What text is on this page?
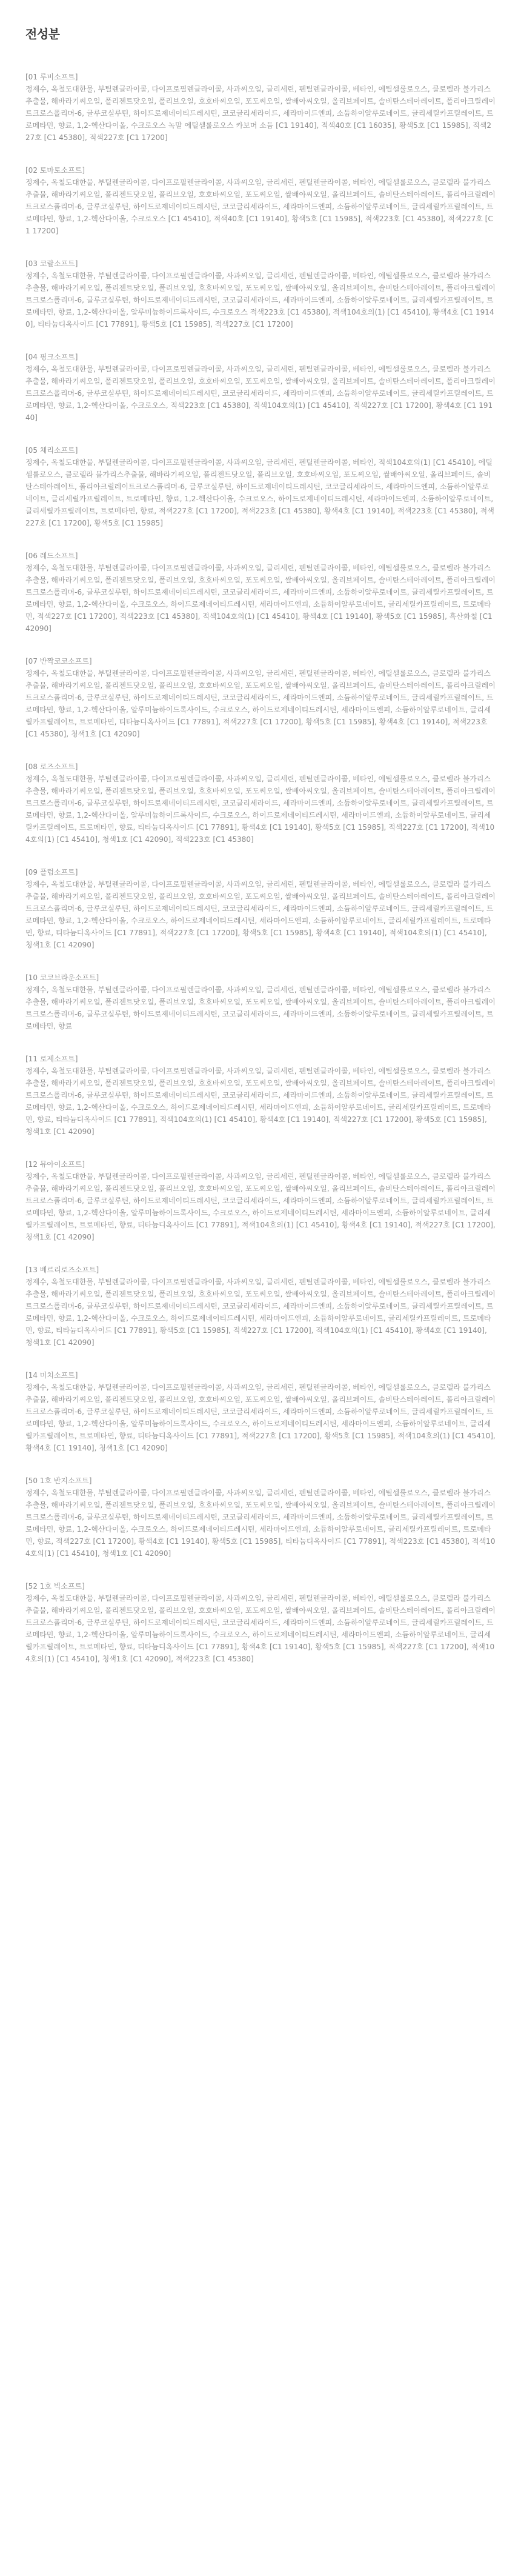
전성분

[01 루비소프트]

정제수, 옥철도대한물, 부틸렌글라이콜, 다이프로필렌글라이콜, 사과씨오일, 글리세린, 펜틸렌글라이콜, 베타인, 에틸셀룰로오스, 클로렐라 불가리스추출물, 해바라기씨오일, 폴리젠트닷오일, 폴리브오일, 호호바씨오일, 포도씨오일, 쌀배아씨오일, 올리브페이트, 솔비탄스테아레이트, 폴리아크릴레이트크로스폴리머-6, 글루코실루틴, 하이드로제네이티드레시틴, 코코글리세라이드, 세라마이드엔피, 소듐하이알루로네이트, 글리세릴카프릴레이트, 트로메타민, 향료, 1,2-헥산다이올, 수크로오스 녹말 에틸셀룰로오스 카보머 소듐 [C1 19140], 적색40호 [C1 16035], 황색5호 [C1 15985], 적색227호 [C1 45380], 적색227호 [C1 17200]

[02 토마토소프트]

정제수, 옥철도대한물, 부틸렌글라이콜, 다이프로필렌글라이콜, 사과씨오일, 글리세린, 펜틸렌글라이콜, 베타인, 에틸셀룰로오스, 클로렐라 불가리스추출물, 해바라기씨오일, 폴리젠트닷오일, 폴리브오일, 호호바씨오일, 포도씨오일, 쌀배아씨오일, 올리브페이트, 솔비탄스테아레이트, 폴리아크릴레이트크로스폴리머-6, 글루코실루틴, 하이드로제네이티드레시틴, 코코글리세라이드, 세라마이드엔피, 소듐하이알루로네이트, 글리세릴카프릴레이트, 트로메타민, 향료, 1,2-헥산다이올, 수크로오스 [C1 45410], 적색40호 [C1 19140], 황색5호 [C1 15985], 적색223호 [C1 45380], 적색227호 [C1 17200]

[03 코랄소프트]

정제수, 옥철도대한물, 부틸렌글라이콜, 다이프로필렌글라이콜, 사과씨오일, 글리세린, 펜틸렌글라이콜, 베타인, 에틸셀룰로오스, 클로렐라 불가리스추출물, 해바라기씨오일, 폴리젠트닷오일, 폴리브오일, 호호바씨오일, 포도씨오일, 쌀배아씨오일, 올리브페이트, 솔비탄스테아레이트, 폴리아크릴레이트크로스폴리머-6, 글루코실루틴, 하이드로제네이티드레시틴, 코코글리세라이드, 세라마이드엔피, 소듐하이알루로네이트, 글리세릴카프릴레이트, 트로메타민, 향료, 1,2-헥산다이올, 알루미늄하이드록사이드, 수크로오스 적색223호 [C1 45380], 적색104호의(1) [C1 45410], 황색4호 [C1 19140], 티타늄디옥사이드 [C1 77891], 황색5호 [C1 15985], 적색227호 [C1 17200]

[04 핑크소프트]

정제수, 옥철도대한물, 부틸렌글라이콜, 다이프로필렌글라이콜, 사과씨오일, 글리세린, 펜틸렌글라이콜, 베타인, 에틸셀룰로오스, 클로렐라 불가리스추출물, 해바라기씨오일, 폴리젠트닷오일, 폴리브오일, 호호바씨오일, 포도씨오일, 쌀배아씨오일, 올리브페이트, 솔비탄스테아레이트, 폴리아크릴레이트크로스폴리머-6, 글루코실루틴, 하이드로제네이티드레시틴, 코코글리세라이드, 세라마이드엔피, 소듐하이알루로네이트, 글리세릴카프릴레이트, 트로메타민, 향료, 1,2-헥산다이올, 수크로오스, 적색223호 [C1 45380], 적색104호의(1) [C1 45410], 적색227호 [C1 17200], 황색4호 [C1 19140]

[05 체리소프트]

정제수, 옥철도대한물, 부틸렌글라이콜, 다이프로필렌글라이콜, 사과씨오일, 글리세린, 펜틸렌글라이콜, 베타인, 적색104호의(1) [C1 45410], 에틸셀룰로오스, 클로렐라 불가리스추출물, 해바라기씨오일, 폴리젠트닷오일, 폴리브오일, 호호바씨오일, 포도씨오일, 쌀배아씨오일, 올리브페이트, 솔비탄스테아레이트, 폴리아크릴레이트크로스폴리머-6, 글루코실루틴, 하이드로제네이티드레시틴, 코코글리세라이드, 세라마이드엔피, 소듐하이알루로네이트, 글리세릴카프릴레이트, 트로메타민, 향료, 1,2-헥산다이올, 수크로오스, 하이드로제네이티드레시틴, 세라마이드엔피, 소듐하이알루로네이트, 글리세릴카프릴레이트, 트로메타민, 향료, 적색227호 [C1 17200], 적색223호 [C1 45380], 황색4호 [C1 19140], 적색223호 [C1 45380], 적색227호 [C1 17200], 황색5호 [C1 15985]

[06 레드소프트]

정제수, 옥철도대한물, 부틸렌글라이콜, 다이프로필렌글라이콜, 사과씨오일, 글리세린, 펜틸렌글라이콜, 베타인, 에틸셀룰로오스, 클로렐라 불가리스추출물, 해바라기씨오일, 폴리젠트닷오일, 폴리브오일, 호호바씨오일, 포도씨오일, 쌀배아씨오일, 올리브페이트, 솔비탄스테아레이트, 폴리아크릴레이트크로스폴리머-6, 글루코실루틴, 하이드로제네이티드레시틴, 코코글리세라이드, 세라마이드엔피, 소듐하이알루로네이트, 글리세릴카프릴레이트, 트로메타민, 향료, 1,2-헥산다이올, 수크로오스, 하이드로제네이티드레시틴, 세라마이드엔피, 소듐하이알루로네이트, 글리세릴카프릴레이트, 트로메타민, 적색227호 [C1 17200], 적색223호 [C1 45380], 적색104호의(1) [C1 45410], 황색4호 [C1 19140], 황색5호 [C1 15985], 흑산화철 [C1 42090]

[07 반짝코코소프트]

정제수, 옥철도대한물, 부틸렌글라이콜, 다이프로필렌글라이콜, 사과씨오일, 글리세린, 펜틸렌글라이콜, 베타인, 에틸셀룰로오스, 클로렐라 불가리스추출물, 해바라기씨오일, 폴리젠트닷오일, 폴리브오일, 호호바씨오일, 포도씨오일, 쌀배아씨오일, 올리브페이트, 솔비탄스테아레이트, 폴리아크릴레이트크로스폴리머-6, 글루코실루틴, 하이드로제네이티드레시틴, 코코글리세라이드, 세라마이드엔피, 소듐하이알루로네이트, 글리세릴카프릴레이트, 트로메타민, 향료, 1,2-헥산다이올, 알루미늄하이드록사이드, 수크로오스, 하이드로제네이티드레시틴, 세라마이드엔피, 소듐하이알루로네이트, 글리세릴카프릴레이트, 트로메타민, 티타늄디옥사이드 [C1 77891], 적색227호 [C1 17200], 황색5호 [C1 15985], 황색4호 [C1 19140], 적색223호 [C1 45380], 청색1호 [C1 42090]

[08 로즈소프트]

정제수, 옥철도대한물, 부틸렌글라이콜, 다이프로필렌글라이콜, 사과씨오일, 글리세린, 펜틸렌글라이콜, 베타인, 에틸셀룰로오스, 클로렐라 불가리스추출물, 해바라기씨오일, 폴리젠트닷오일, 폴리브오일, 호호바씨오일, 포도씨오일, 쌀배아씨오일, 올리브페이트, 솔비탄스테아레이트, 폴리아크릴레이트크로스폴리머-6, 글루코실루틴, 하이드로제네이티드레시틴, 코코글리세라이드, 세라마이드엔피, 소듐하이알루로네이트, 글리세릴카프릴레이트, 트로메타민, 향료, 1,2-헥산다이올, 알루미늄하이드록사이드, 수크로오스, 하이드로제네이티드레시틴, 세라마이드엔피, 소듐하이알루로네이트, 글리세릴카프릴레이트, 트로메타민, 향료, 티타늄디옥사이드 [C1 77891], 황색4호 [C1 19140], 황색5호 [C1 15985], 적색227호 [C1 17200], 적색104호의(1) [C1 45410], 청색1호 [C1 42090], 적색223호 [C1 45380]

[09 플럼소프트]

정제수, 옥철도대한물, 부틸렌글라이콜, 다이프로필렌글라이콜, 사과씨오일, 글리세린, 펜틸렌글라이콜, 베타인, 에틸셀룰로오스, 클로렐라 불가리스추출물, 해바라기씨오일, 폴리젠트닷오일, 폴리브오일, 호호바씨오일, 포도씨오일, 쌀배아씨오일, 올리브페이트, 솔비탄스테아레이트, 폴리아크릴레이트크로스폴리머-6, 글루코실루틴, 하이드로제네이티드레시틴, 코코글리세라이드, 세라마이드엔피, 소듐하이알루로네이트, 글리세릴카프릴레이트, 트로메타민, 향료, 1,2-헥산다이올, 수크로오스, 하이드로제네이티드레시틴, 세라마이드엔피, 소듐하이알루로네이트, 글리세릴카프릴레이트, 트로메타민, 향료, 티타늄디옥사이드 [C1 77891], 적색227호 [C1 17200], 황색5호 [C1 15985], 황색4호 [C1 19140], 적색104호의(1) [C1 45410], 청색1호 [C1 42090]

[10 코코브라운소프트]

정제수, 옥철도대한물, 부틸렌글라이콜, 다이프로필렌글라이콜, 사과씨오일, 글리세린, 펜틸렌글라이콜, 베타인, 에틸셀룰로오스, 클로렐라 불가리스추출물, 해바라기씨오일, 폴리젠트닷오일, 폴리브오일, 호호바씨오일, 포도씨오일, 쌀배아씨오일, 올리브페이트, 솔비탄스테아레이트, 폴리아크릴레이트크로스폴리머-6, 글루코실루틴, 하이드로제네이티드레시틴, 코코글리세라이드, 세라마이드엔피, 소듐하이알루로네이트, 글리세릴카프릴레이트, 트로메타민, 향료

[11 로제소프트]

정제수, 옥철도대한물, 부틸렌글라이콜, 다이프로필렌글라이콜, 사과씨오일, 글리세린, 펜틸렌글라이콜, 베타인, 에틸셀룰로오스, 클로렐라 불가리스추출물, 해바라기씨오일, 폴리젠트닷오일, 폴리브오일, 호호바씨오일, 포도씨오일, 쌀배아씨오일, 올리브페이트, 솔비탄스테아레이트, 폴리아크릴레이트크로스폴리머-6, 글루코실루틴, 하이드로제네이티드레시틴, 코코글리세라이드, 세라마이드엔피, 소듐하이알루로네이트, 글리세릴카프릴레이트, 트로메타민, 향료, 1,2-헥산다이올, 수크로오스, 하이드로제네이티드레시틴, 세라마이드엔피, 소듐하이알루로네이트, 글리세릴카프릴레이트, 트로메타민, 향료, 티타늄디옥사이드 [C1 77891], 적색104호의(1) [C1 45410], 황색4호 [C1 19140], 적색227호 [C1 17200], 황색5호 [C1 15985], 청색1호 [C1 42090]

[12 뮤아이소프트]

정제수, 옥철도대한물, 부틸렌글라이콜, 다이프로필렌글라이콜, 사과씨오일, 글리세린, 펜틸렌글라이콜, 베타인, 에틸셀룰로오스, 클로렐라 불가리스추출물, 해바라기씨오일, 폴리젠트닷오일, 폴리브오일, 호호바씨오일, 포도씨오일, 쌀배아씨오일, 올리브페이트, 솔비탄스테아레이트, 폴리아크릴레이트크로스폴리머-6, 글루코실루틴, 하이드로제네이티드레시틴, 코코글리세라이드, 세라마이드엔피, 소듐하이알루로네이트, 글리세릴카프릴레이트, 트로메타민, 향료, 1,2-헥산다이올, 알루미늄하이드록사이드, 수크로오스, 하이드로제네이티드레시틴, 세라마이드엔피, 소듐하이알루로네이트, 글리세릴카프릴레이트, 트로메타민, 향료, 티타늄디옥사이드 [C1 77891], 적색104호의(1) [C1 45410], 황색4호 [C1 19140], 적색227호 [C1 17200], 청색1호 [C1 42090]

[13 베르리로즈소프트]

정제수, 옥철도대한물, 부틸렌글라이콜, 다이프로필렌글라이콜, 사과씨오일, 글리세린, 펜틸렌글라이콜, 베타인, 에틸셀룰로오스, 클로렐라 불가리스추출물, 해바라기씨오일, 폴리젠트닷오일, 폴리브오일, 호호바씨오일, 포도씨오일, 쌀배아씨오일, 올리브페이트, 솔비탄스테아레이트, 폴리아크릴레이트크로스폴리머-6, 글루코실루틴, 하이드로제네이티드레시틴, 코코글리세라이드, 세라마이드엔피, 소듐하이알루로네이트, 글리세릴카프릴레이트, 트로메타민, 향료, 1,2-헥산다이올, 수크로오스, 하이드로제네이티드레시틴, 세라마이드엔피, 소듐하이알루로네이트, 글리세릴카프릴레이트, 트로메타민, 향료, 티타늄디옥사이드 [C1 77891], 황색5호 [C1 15985], 적색227호 [C1 17200], 적색104호의(1) [C1 45410], 황색4호 [C1 19140], 청색1호 [C1 42090]

[14 미치소프트]

정제수, 옥철도대한물, 부틸렌글라이콜, 다이프로필렌글라이콜, 사과씨오일, 글리세린, 펜틸렌글라이콜, 베타인, 에틸셀룰로오스, 클로렐라 불가리스추출물, 해바라기씨오일, 폴리젠트닷오일, 폴리브오일, 호호바씨오일, 포도씨오일, 쌀배아씨오일, 올리브페이트, 솔비탄스테아레이트, 폴리아크릴레이트크로스폴리머-6, 글루코실루틴, 하이드로제네이티드레시틴, 코코글리세라이드, 세라마이드엔피, 소듐하이알루로네이트, 글리세릴카프릴레이트, 트로메타민, 향료, 1,2-헥산다이올, 알루미늄하이드록사이드, 수크로오스, 하이드로제네이티드레시틴, 세라마이드엔피, 소듐하이알루로네이트, 글리세릴카프릴레이트, 트로메타민, 향료, 티타늄디옥사이드 [C1 77891], 적색227호 [C1 17200], 황색5호 [C1 15985], 적색104호의(1) [C1 45410], 황색4호 [C1 19140], 청색1호 [C1 42090]

[50 1호 반지소프트]

정제수, 옥철도대한물, 부틸렌글라이콜, 다이프로필렌글라이콜, 사과씨오일, 글리세린, 펜틸렌글라이콜, 베타인, 에틸셀룰로오스, 클로렐라 불가리스추출물, 해바라기씨오일, 폴리젠트닷오일, 폴리브오일, 호호바씨오일, 포도씨오일, 쌀배아씨오일, 올리브페이트, 솔비탄스테아레이트, 폴리아크릴레이트크로스폴리머-6, 글루코실루틴, 하이드로제네이티드레시틴, 코코글리세라이드, 세라마이드엔피, 소듐하이알루로네이트, 글리세릴카프릴레이트, 트로메타민, 향료, 1,2-헥산다이올, 수크로오스, 하이드로제네이티드레시틴, 세라마이드엔피, 소듐하이알루로네이트, 글리세릴카프릴레이트, 트로메타민, 향료, 적색227호 [C1 17200], 황색4호 [C1 19140], 황색5호 [C1 15985], 티타늄디옥사이드 [C1 77891], 적색223호 [C1 45380], 적색104호의(1) [C1 45410], 청색1호 [C1 42090]

[52 1호 빅소프트]

정제수, 옥철도대한물, 부틸렌글라이콜, 다이프로필렌글라이콜, 사과씨오일, 글리세린, 펜틸렌글라이콜, 베타인, 에틸셀룰로오스, 클로렐라 불가리스추출물, 해바라기씨오일, 폴리젠트닷오일, 폴리브오일, 호호바씨오일, 포도씨오일, 쌀배아씨오일, 올리브페이트, 솔비탄스테아레이트, 폴리아크릴레이트크로스폴리머-6, 글루코실루틴, 하이드로제네이티드레시틴, 코코글리세라이드, 세라마이드엔피, 소듐하이알루로네이트, 글리세릴카프릴레이트, 트로메타민, 향료, 1,2-헥산다이올, 알루미늄하이드록사이드, 수크로오스, 하이드로제네이티드레시틴, 세라마이드엔피, 소듐하이알루로네이트, 글리세릴카프릴레이트, 트로메타민, 향료, 티타늄디옥사이드 [C1 77891], 황색4호 [C1 19140], 황색5호 [C1 15985], 적색227호 [C1 17200], 적색104호의(1) [C1 45410], 청색1호 [C1 42090], 적색223호 [C1 45380]
